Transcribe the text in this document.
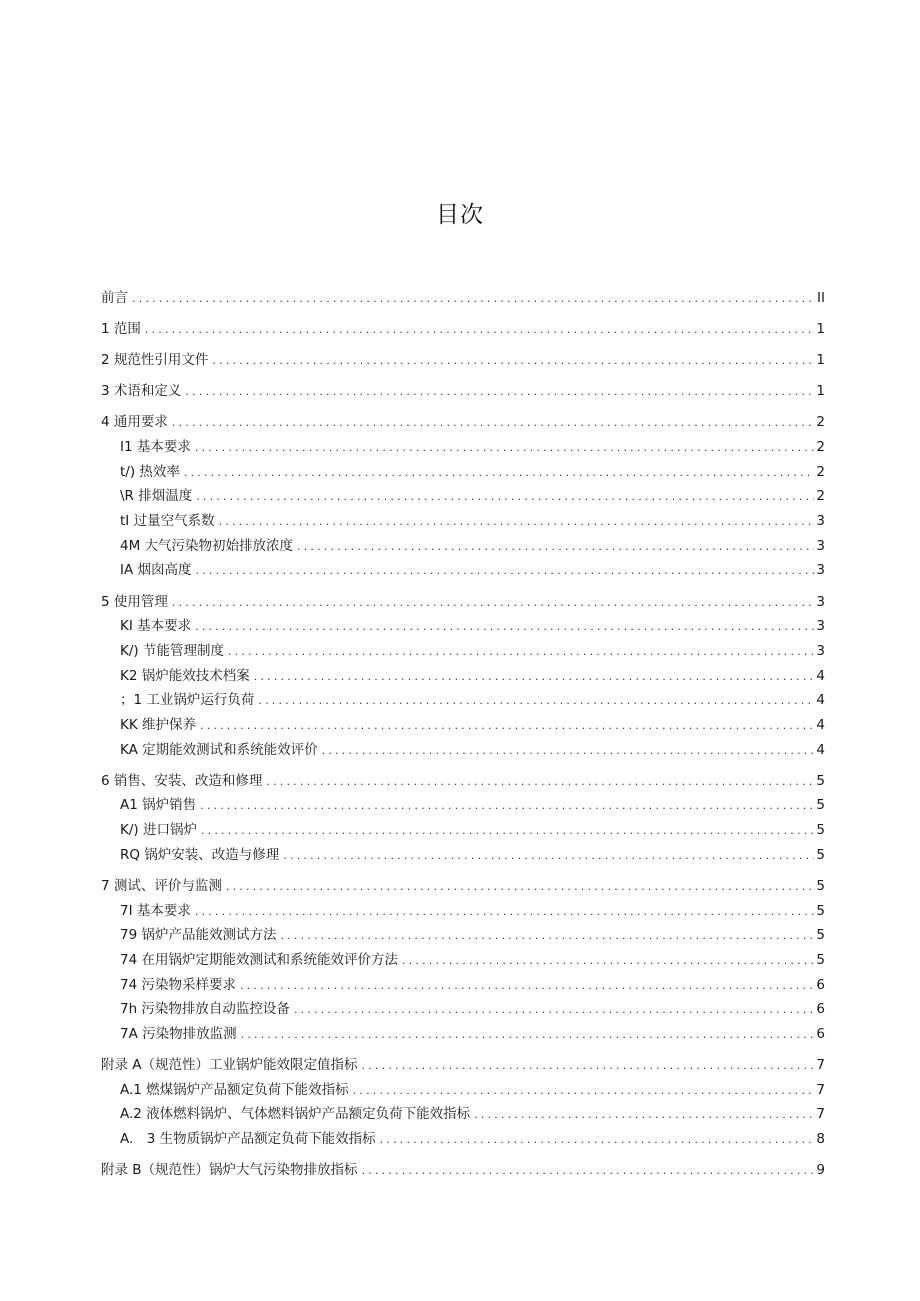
目次
前言 .....	II
1 范围 .....	1
2 规范性引用文件 .....	1
3 术语和定义 .....	1
4 通用要求 .....	2
I1 基本要求 .....	2
t/) 热效率 .....	2
\R 排烟温度 .....	2
tI 过量空气系数 .....	3
4M 大气污染物初始排放浓度 .....	3
IA 烟囱高度 .....	3
5 使用管理 .....	3
KI 基本要求 .....	3
K/) 节能管理制度 .....	3
K2 锅炉能效技术档案 .....	4
；1 工业锅炉运行负荷 .....	4
KK 维护保养 .....	4
KA 定期能效测试和系统能效评价 .....	4
6 销售、安装、改造和修理 .....	5
A1 锅炉销售 .....	5
K/) 进口锅炉 .....	5
RQ 锅炉安装、改造与修理 .....	5
7 测试、评价与监测 .....	5
7I 基本要求 .....	5
79 锅炉产品能效测试方法 .....	5
74 在用锅炉定期能效测试和系统能效评价方法 .....	5
74 污染物采样要求 .....	6
7h 污染物排放自动监控设备 .....	6
7A 污染物排放监测 .....	6
附录 A（规范性）工业锅炉能效限定值指标 .....	7
A.1 燃煤锅炉产品额定负荷下能效指标 .....	7
A.2 液体燃料锅炉、气体燃料锅炉产品额定负荷下能效指标 .....	7
A.　3 生物质锅炉产品额定负荷下能效指标 .....	8
附录 B（规范性）锅炉大气污染物排放指标 .....	9
